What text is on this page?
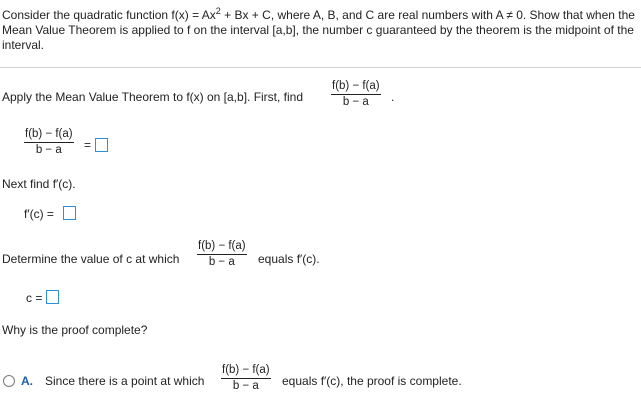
Consider the quadratic function $f(x) = Ax^2 + Bx + C$, where A, B, and C are real numbers with A ≠ 0. Show that when the Mean Value Theorem is applied to f on the interval [a,b], the number c guaranteed by the theorem is the midpoint of the interval.
Apply the Mean Value Theorem to f(x) on [a,b]. First, find
f(b) − f(a)
b − a	.
f(b) − f(a)
b − a	=
Next find f′(c).
f′(c) =
Determine the value of c at which
f(b) − f(a)
b − a	equals f′(c).
c =
Why is the proof complete?
A. Since there is a point at which
f(b) − f(a)
b − a	equals f′(c), the proof is complete.
